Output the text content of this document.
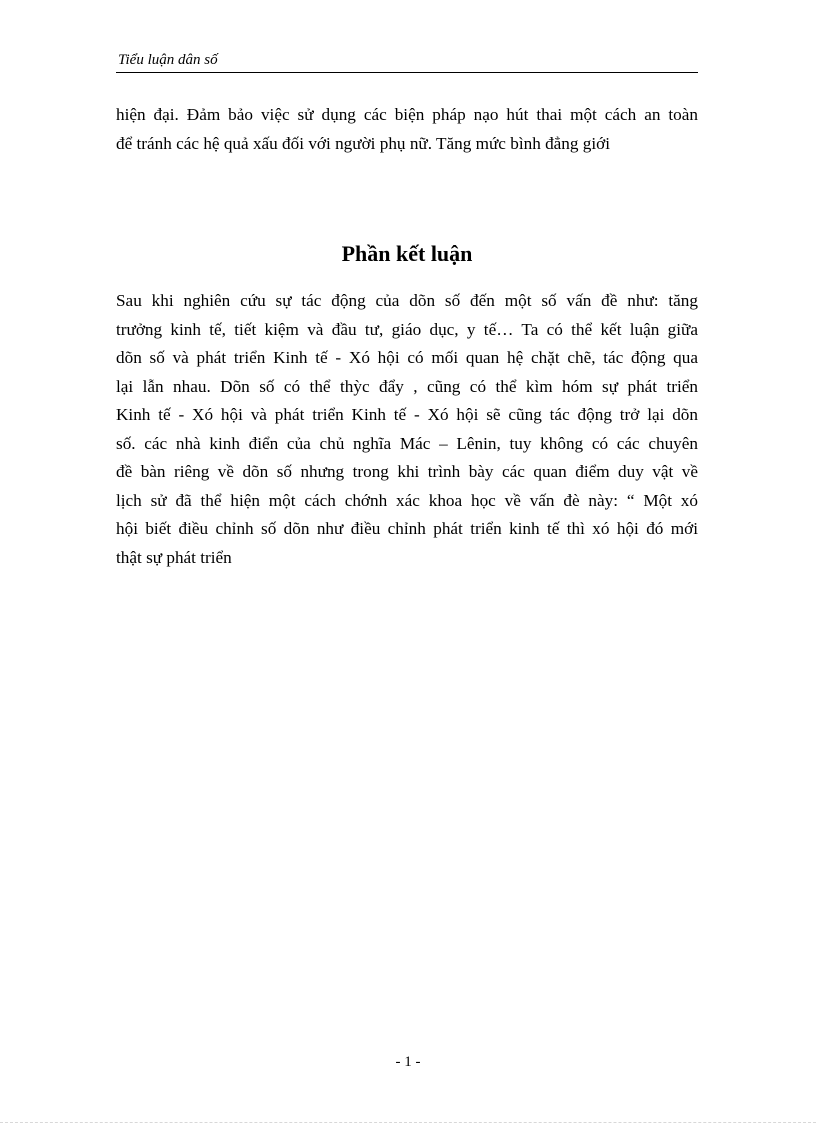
Tiểu luận dân số

hiện đại. Đảm bảo việc sử dụng các biện pháp nạo hút thai một cách an toàn
để tránh các hệ quả xấu đối với người phụ nữ. Tăng mức bình đẳng giới

Phần kết luận

Sau khi nghiên cứu sự tác động của dõn số đến một số vấn đề như: tăng
trưởng kinh tế, tiết kiệm và đầu tư, giáo dục, y tế… Ta có thể kết luận giữa
dõn số và phát triển Kinh tế - Xó hội có mối quan hệ chặt chẽ, tác động qua
lại lẫn nhau. Dõn số có thể thỳc đẩy , cũng có thể kìm hóm sự phát triển
Kinh tế - Xó hội và phát triển Kinh tế - Xó hội sẽ cũng tác động trở lại dõn
số. các nhà kinh điển của chủ nghĩa Mác – Lênin, tuy không có các chuyên
đề bàn riêng về dõn số nhưng trong khi trình bày các quan điểm duy vật về
lịch sử đã thể hiện một cách chớnh xác khoa học về vấn đè này: “ Một xó
hội biết điều chỉnh số dõn như điều chỉnh phát triển kinh tế thì xó hội đó mới
thật sự phát triển

- 1 -
